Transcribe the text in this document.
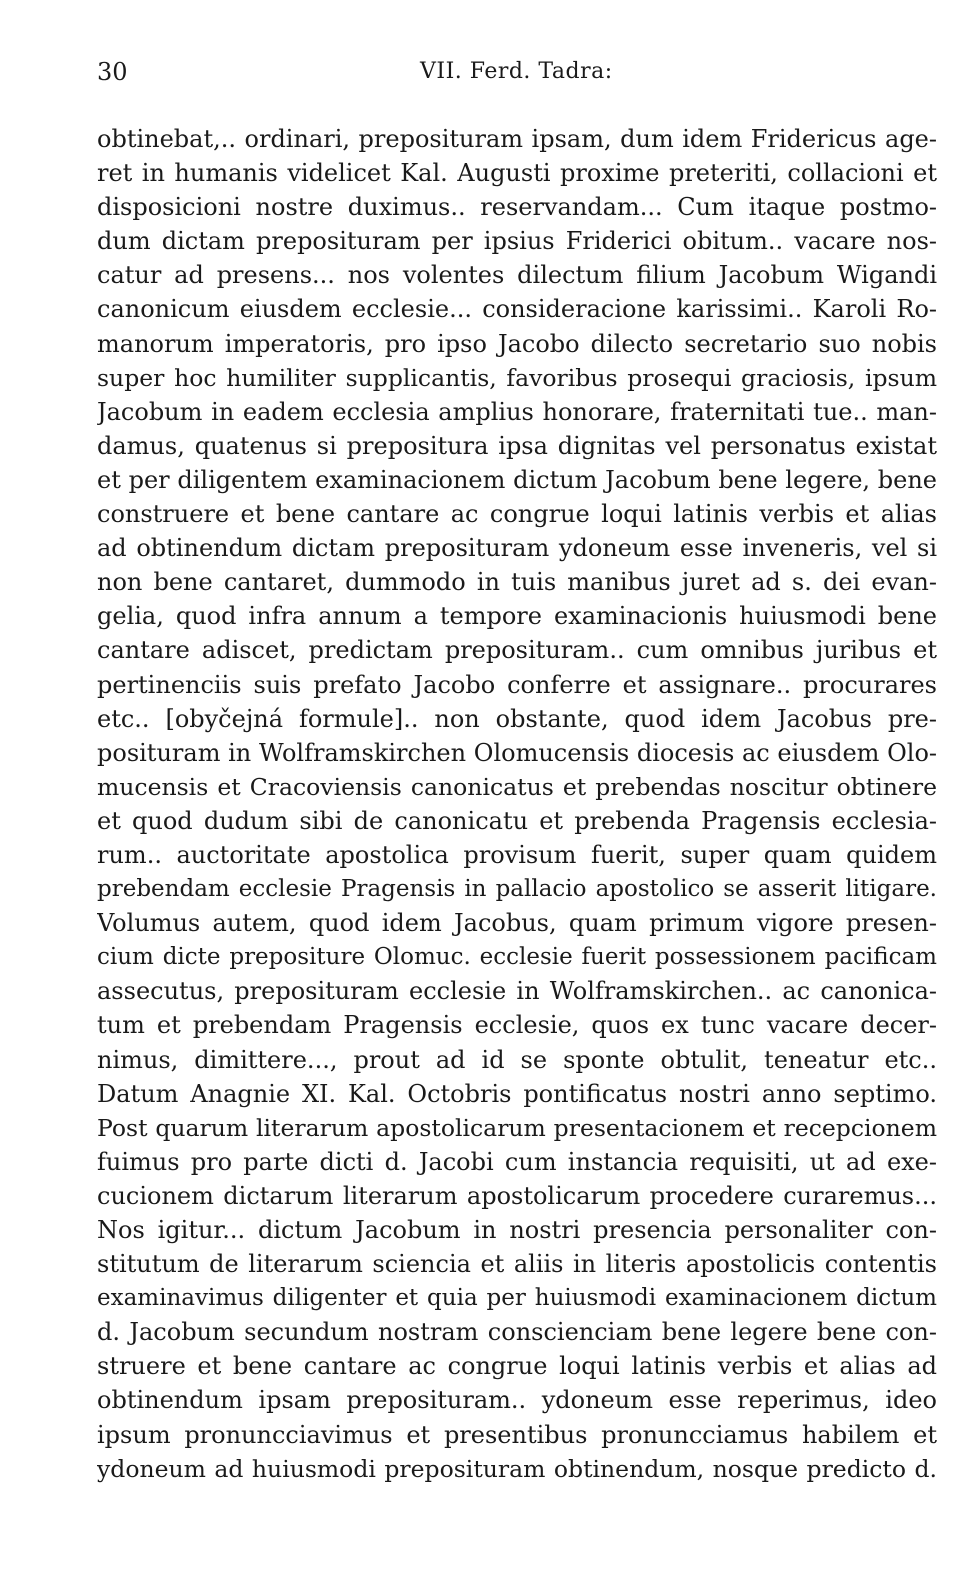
30	VII. Ferd. Tadra:
obtinebat,.. ordinari, preposituram ipsam, dum idem Fridericus age-
ret in humanis videlicet Kal. Augusti proxime preteriti, collacioni et
disposicioni nostre duximus.. reservandam... Cum itaque postmo-
dum dictam preposituram per ipsius Friderici obitum.. vacare nos-
catur ad presens... nos volentes dilectum filium Jacobum Wigandi
canonicum eiusdem ecclesie... consideracione karissimi.. Karoli Ro-
manorum imperatoris, pro ipso Jacobo dilecto secretario suo nobis
super hoc humiliter supplicantis, favoribus prosequi graciosis, ipsum
Jacobum in eadem ecclesia amplius honorare, fraternitati tue.. man-
damus, quatenus si prepositura ipsa dignitas vel personatus existat
et per diligentem examinacionem dictum Jacobum bene legere, bene
construere et bene cantare ac congrue loqui latinis verbis et alias
ad obtinendum dictam preposituram ydoneum esse inveneris, vel si
non bene cantaret, dummodo in tuis manibus juret ad s. dei evan-
gelia, quod infra annum a tempore examinacionis huiusmodi bene
cantare adiscet, predictam preposituram.. cum omnibus juribus et
pertinenciis suis prefato Jacobo conferre et assignare.. procurares
etc.. [obyčejná formule].. non obstante, quod idem Jacobus pre-
posituram in Wolframskirchen Olomucensis diocesis ac eiusdem Olo-
mucensis et Cracoviensis canonicatus et prebendas noscitur obtinere
et quod dudum sibi de canonicatu et prebenda Pragensis ecclesia-
rum.. auctoritate apostolica provisum fuerit, super quam quidem
prebendam ecclesie Pragensis in pallacio apostolico se asserit litigare.
Volumus autem, quod idem Jacobus, quam primum vigore presen-
cium dicte prepositure Olomuc. ecclesie fuerit possessionem pacificam
assecutus, preposituram ecclesie in Wolframskirchen.. ac canonica-
tum et prebendam Pragensis ecclesie, quos ex tunc vacare decer-
nimus, dimittere..., prout ad id se sponte obtulit, teneatur etc..
Datum Anagnie XI. Kal. Octobris pontificatus nostri anno septimo.
Post quarum literarum apostolicarum presentacionem et recepcionem
fuimus pro parte dicti d. Jacobi cum instancia requisiti, ut ad exe-
cucionem dictarum literarum apostolicarum procedere curaremus...
Nos igitur... dictum Jacobum in nostri presencia personaliter con-
stitutum de literarum sciencia et aliis in literis apostolicis contentis
examinavimus diligenter et quia per huiusmodi examinacionem dictum
d. Jacobum secundum nostram conscienciam bene legere bene con-
struere et bene cantare ac congrue loqui latinis verbis et alias ad
obtinendum ipsam preposituram.. ydoneum esse reperimus, ideo
ipsum pronuncciavimus et presentibus pronuncciamus habilem et
ydoneum ad huiusmodi preposituram obtinendum, nosque predicto d.
